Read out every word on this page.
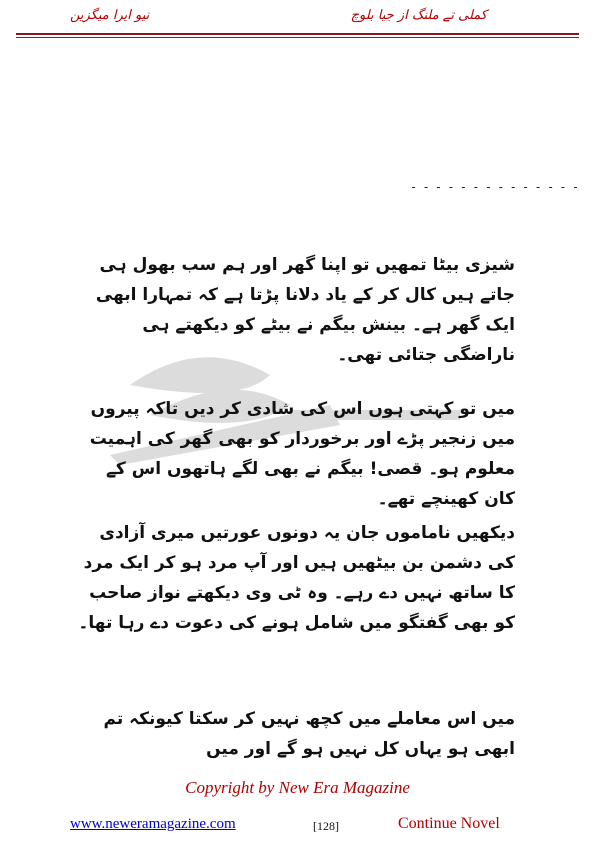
نیو ایرا میگزین	کملی تے ملنگ از جیا بلوچ
- - - - - - - - - - - - - -
شیزی بیٹا تمھیں تو اپنا گھر اور ہم سب بھول ہی جاتے ہیں کال کر کے یاد دلانا پڑتا ہے کہ تمہارا ابھی ایک گھر ہے۔ بینش بیگم نے بیٹے کو دیکھتے ہی ناراضگی جتائی تھی۔
میں تو کہتی ہوں اس کی شادی کر دیں تاکہ پیروں میں زنجیر پڑے اور برخوردار کو بھی گھر کی اہمیت معلوم ہو۔ قصی! بیگم نے بھی لگے ہاتھوں اس کے کان کھینچے تھے۔
دیکھیں ناماموں جان یہ دونوں عورتیں میری آزادی کی دشمن بن بیٹھیں ہیں اور آپ مرد ہو کر ایک مرد کا ساتھ نہیں دے رہے۔ وہ ٹی وی دیکھتے نواز صاحب کو بھی گفتگو میں شامل ہونے کی دعوت دے رہا تھا۔
میں اس معاملے میں کچھ نہیں کر سکتا کیونکہ تم ابھی ہو یہاں کل نہیں ہو گے اور میں
Copyright by New Era Magazine
www.neweramagazine.com	[128]	Continue Novel
